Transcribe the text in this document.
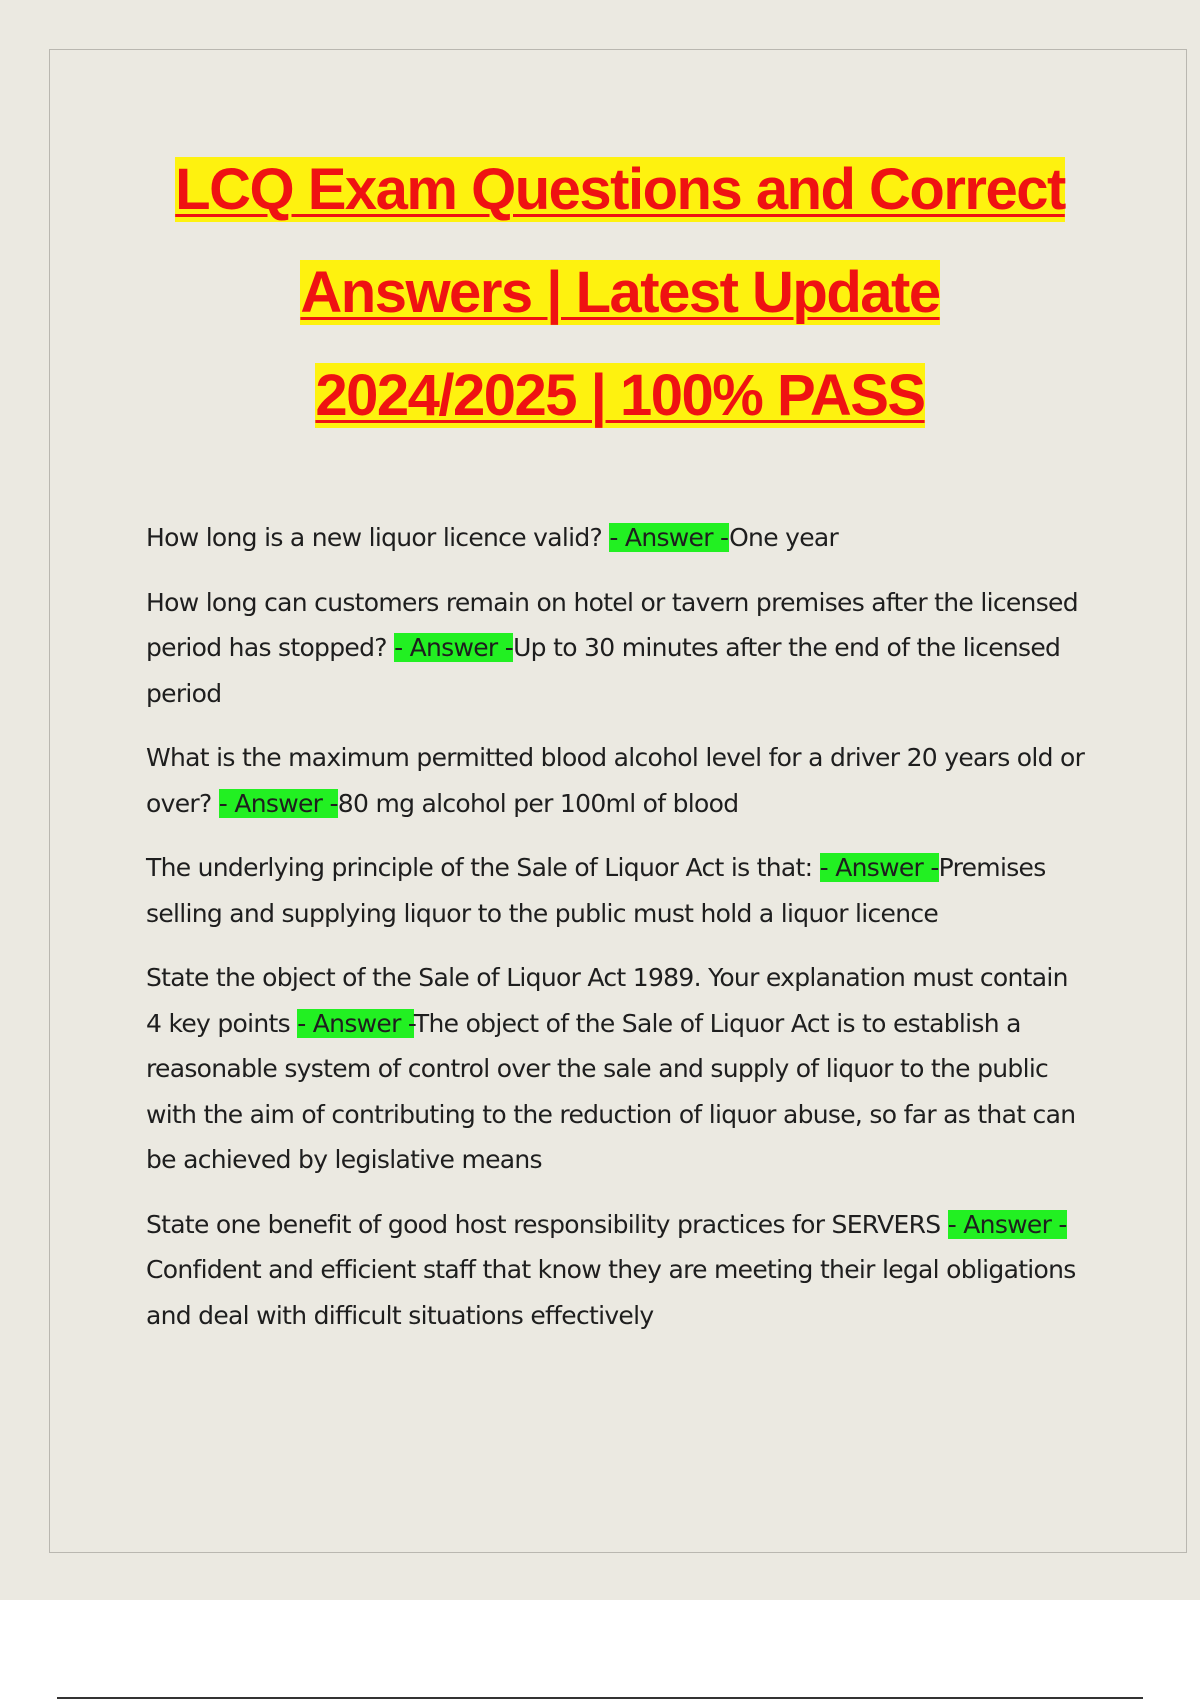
LCQ Exam Questions and Correct
Answers | Latest Update
2024/2025 | 100% PASS
How long is a new liquor licence valid? - Answer -One year
How long can customers remain on hotel or tavern premises after the licensed period has stopped? - Answer -Up to 30 minutes after the end of the licensed period
What is the maximum permitted blood alcohol level for a driver 20 years old or over? - Answer -80 mg alcohol per 100ml of blood
The underlying principle of the Sale of Liquor Act is that: - Answer -Premises selling and supplying liquor to the public must hold a liquor licence
State the object of the Sale of Liquor Act 1989. Your explanation must contain 4 key points - Answer -The object of the Sale of Liquor Act is to establish a reasonable system of control over the sale and supply of liquor to the public with the aim of contributing to the reduction of liquor abuse, so far as that can be achieved by legislative means
State one benefit of good host responsibility practices for SERVERS - Answer -Confident and efficient staff that know they are meeting their legal obligations and deal with difficult situations effectively
